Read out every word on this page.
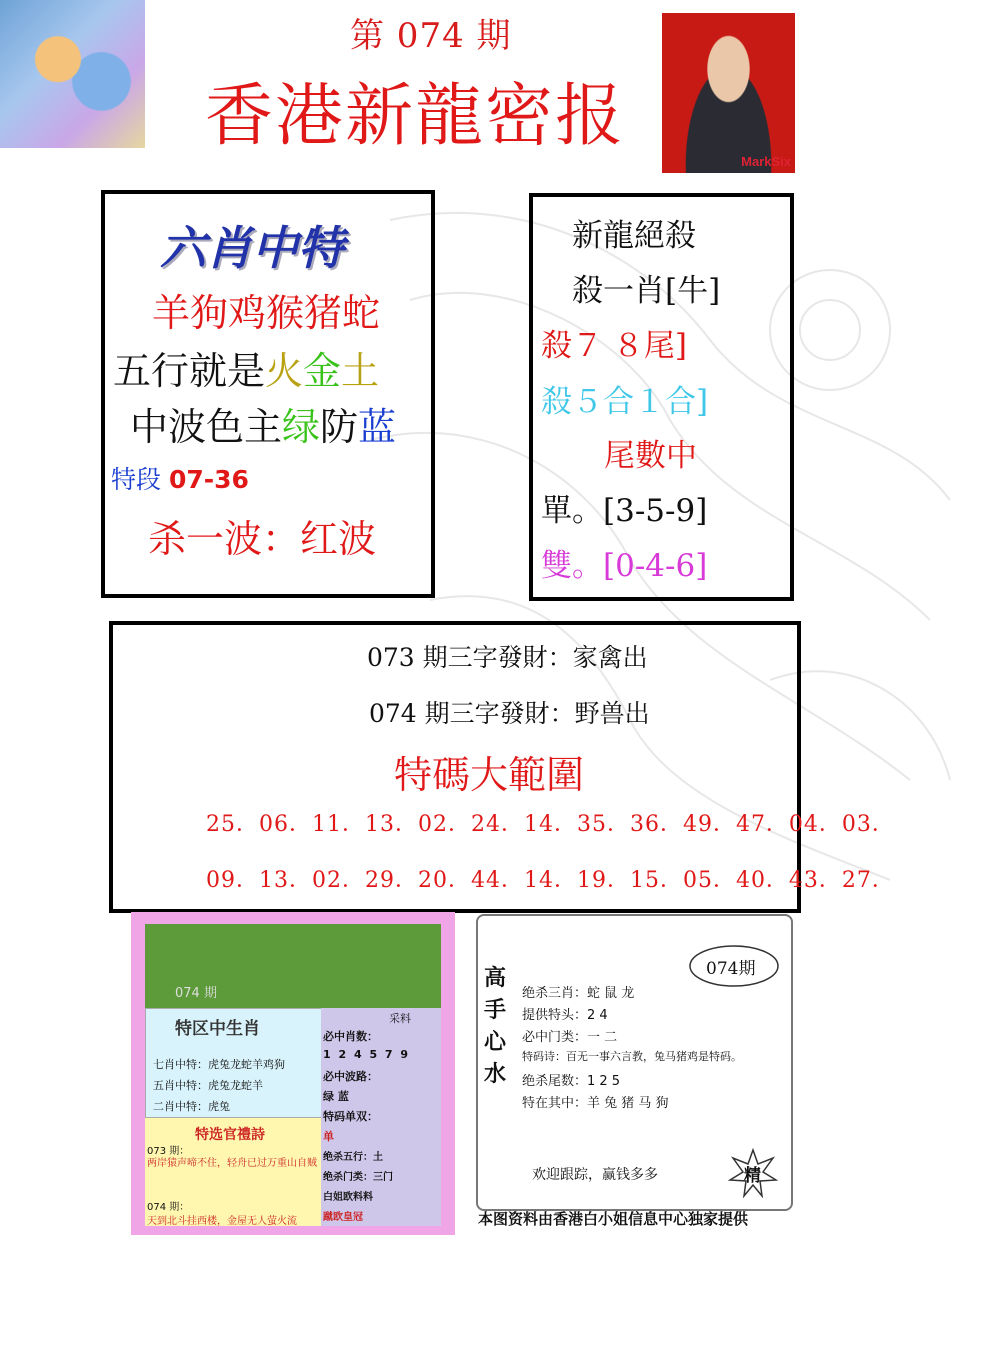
第 074 期
香港新龍密报
MarkSix
六肖中特
羊狗鸡猴猪蛇
五行就是火金土
中波色主绿防蓝
特段 07-36
杀一波：红波
新龍絕殺
殺一肖[牛]
殺７ ８尾]
殺５合１合]
尾數中
單。[3-5-9]
雙。[0-4-6]
073 期三字發財：家禽出
074 期三字發財：野兽出
特碼大範圍
25．06．11．13．02．24．14．35．36．49．47．04．03．
09．13．02．29．20．44．14．19．15．05．40．43．27．
074 期
特区中生肖
七肖中特：虎兔龙蛇羊鸡狗
五肖中特：虎兔龙蛇羊
二肖中特：虎兔
特选官禮詩
073 期：
两岸猿声啼不住，轻舟已过万重山自贼
074 期：
天到北斗挂西楼，金屋无人萤火流
采料
必中肖数：
1 2 4 5 7 9
必中波路：
绿 蓝
特码单双：
单
绝杀五行：土
绝杀门类：三门
白姐欧料料
蹴欧皇冠
074期
高
手
心
水
绝杀三肖：蛇 鼠 龙
提供特头：2 4
必中门类：一 二
特码诗：百无一事六言教，兔马猪鸡是特码。
绝杀尾数：1 2 5
特在其中：羊 兔 猪 马 狗
欢迎跟踪，赢钱多多	精
本图资料由香港白小姐信息中心独家提供
